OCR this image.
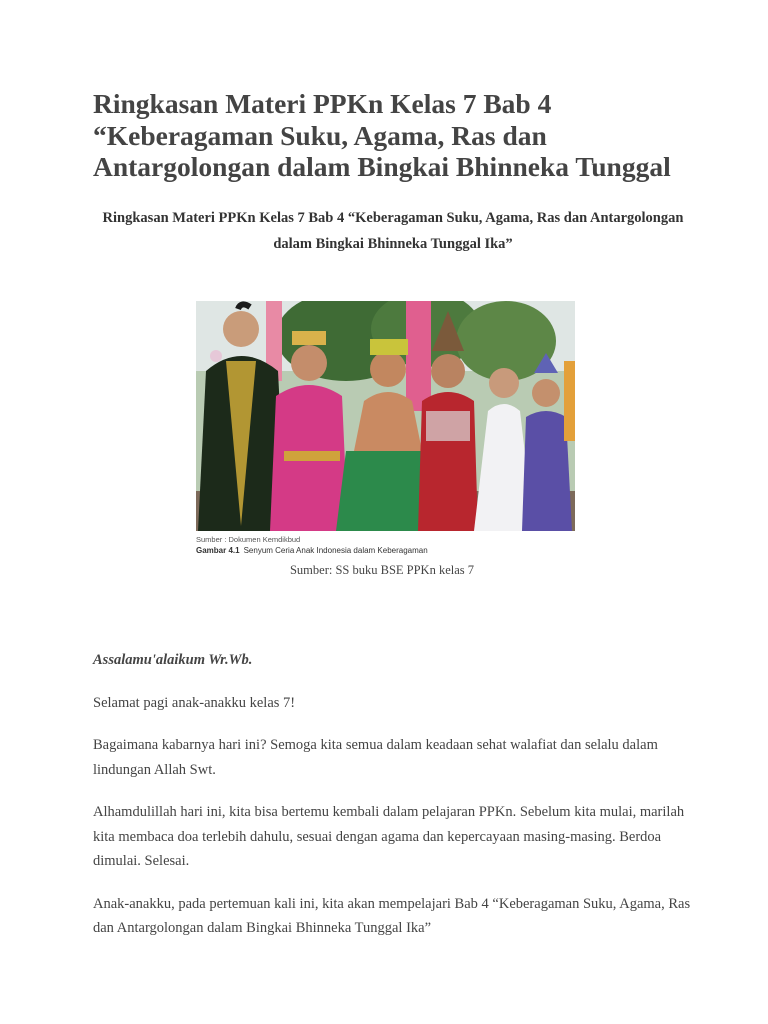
Ringkasan Materi PPKn Kelas 7 Bab 4 “Keberagaman Suku, Agama, Ras dan Antargolongan dalam Bingkai Bhinneka Tunggal
Ringkasan Materi PPKn Kelas 7 Bab 4 “Keberagaman Suku, Agama, Ras dan Antargolongan dalam Bingkai Bhinneka Tunggal Ika”
Sumber : Dokumen Kemdikbud
Gambar 4.1 Senyum Ceria Anak Indonesia dalam Keberagaman
Sumber: SS buku BSE PPKn kelas 7

Assalamu'alaikum Wr.Wb.

Selamat pagi anak-anakku kelas 7!

Bagaimana kabarnya hari ini? Semoga kita semua dalam keadaan sehat walafiat dan selalu dalam lindungan Allah Swt.

Alhamdulillah hari ini, kita bisa bertemu kembali dalam pelajaran PPKn. Sebelum kita mulai, marilah kita membaca doa terlebih dahulu, sesuai dengan agama dan kepercayaan masing-masing. Berdoa dimulai. Selesai.

Anak-anakku, pada pertemuan kali ini, kita akan mempelajari Bab 4 “Keberagaman Suku, Agama, Ras dan Antargolongan dalam Bingkai Bhinneka Tunggal Ika”
